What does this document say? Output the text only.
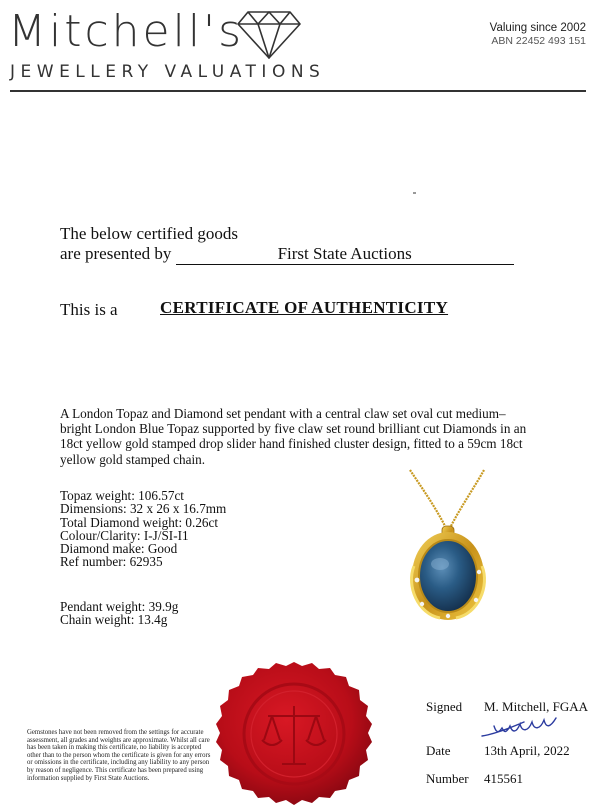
Mitchell's
JEWELLERY VALUATIONS
Valuing since 2002
ABN 22452 493 151
The below certified goods
are presented by	First State Auctions
This is a CERTIFICATE OF AUTHENTICITY
A London Topaz and Diamond set pendant with a central claw set oval cut medium–bright London Blue Topaz supported by five claw set round brilliant cut Diamonds in an 18ct yellow gold stamped drop slider hand finished cluster design, fitted to a 59cm 18ct yellow gold stamped chain.
Topaz weight: 106.57ct
Dimensions: 32 x 26 x 16.7mm
Total Diamond weight: 0.26ct
Colour/Clarity: I-J/SI-I1
Diamond make: Good
Ref number: 62935
Pendant weight: 39.9g
Chain weight: 13.4g
Gemstones have not been removed from the settings for accurate assessment, all grades and weights are approximate. Whilst all care has been taken in making this certificate, no liability is accepted other than to the person whom the certificate is given for any errors or omissions in the certificate, including any liability to any person by reason of negligence. This certificate has been prepared using information supplied by First State Auctions.
Signed M. Mitchell, FGAA
Date	13th April, 2022
Number 415561
